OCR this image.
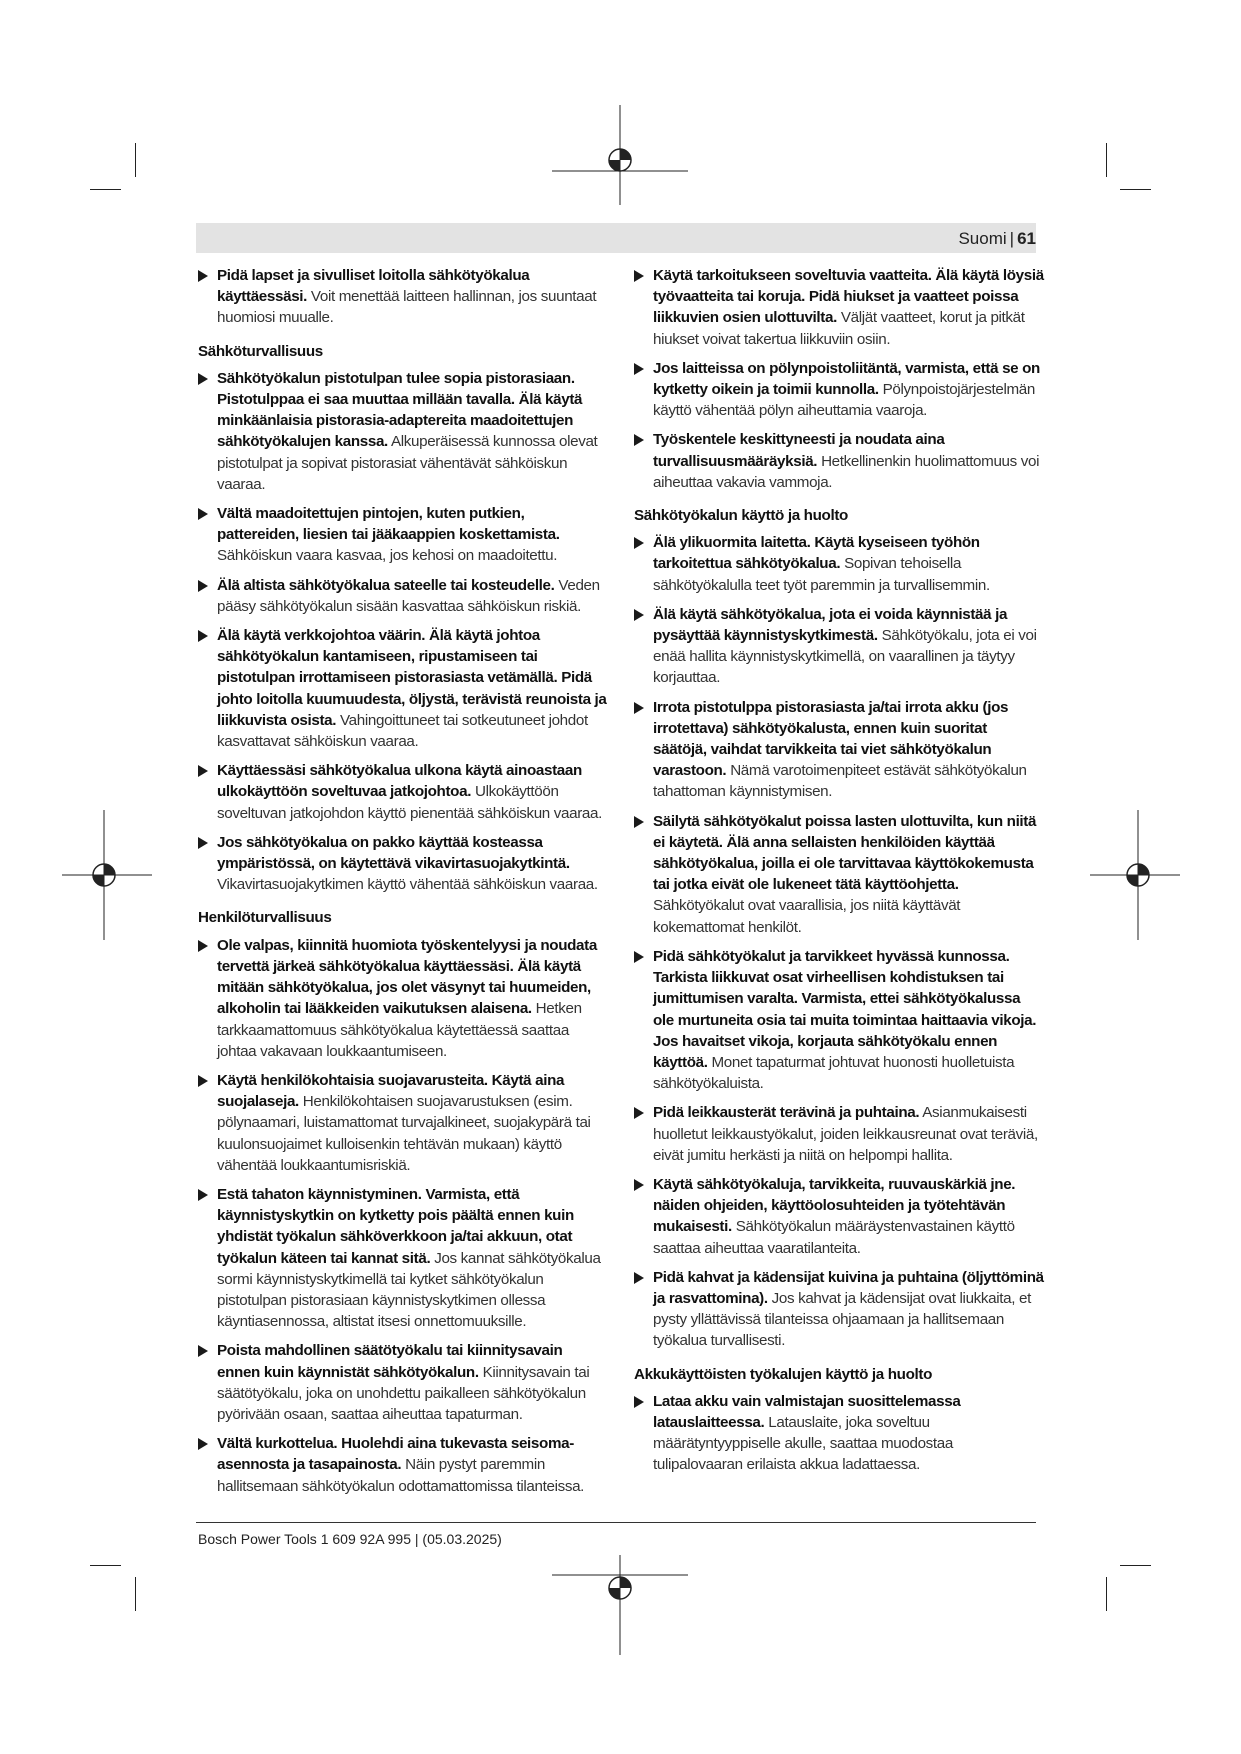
Suomi | 61
Pidä lapset ja sivulliset loitolla sähkötyökalua käyttäessäsi. Voit menettää laitteen hallinnan, jos suuntaat huomiosi muualle.
Sähköturvallisuus
Sähkötyökalun pistotulpan tulee sopia pistorasiaan. Pistotulppaa ei saa muuttaa millään tavalla. Älä käytä minkäänlaisia pistorasia-adaptereita maadoitettujen sähkötyökalujen kanssa. Alkuperäisessä kunnossa olevat pistotulpat ja sopivat pistorasiat vähentävät sähköiskun vaaraa.
Vältä maadoitettujen pintojen, kuten putkien, pattereiden, liesien tai jääkaappien koskettamista. Sähköiskun vaara kasvaa, jos kehosi on maadoitettu.
Älä altista sähkötyökalua sateelle tai kosteudelle. Veden pääsy sähkötyökalun sisään kasvattaa sähköiskun riskiä.
Älä käytä verkkojohtoa väärin. Älä käytä johtoa sähkötyökalun kantamiseen, ripustamiseen tai pistotulpan irrottamiseen pistorasiasta vetämällä. Pidä johto loitolla kuumuudesta, öljystä, terävistä reunoista ja liikkuvista osista. Vahingoittuneet tai sotkeutuneet johdot kasvattavat sähköiskun vaaraa.
Käyttäessäsi sähkötyökalua ulkona käytä ainoastaan ulkokäyttöön soveltuvaa jatkojohtoa. Ulkokäyttöön soveltuvan jatkojohdon käyttö pienentää sähköiskun vaaraa.
Jos sähkötyökalua on pakko käyttää kosteassa ympäristössä, on käytettävä vikavirtasuojakytkintä. Vikavirtasuojakytkimen käyttö vähentää sähköiskun vaaraa.
Henkilöturvallisuus
Ole valpas, kiinnitä huomiota työskentelyysi ja noudata tervettä järkeä sähkötyökalua käyttäessäsi. Älä käytä mitään sähkötyökalua, jos olet väsynyt tai huumeiden, alkoholin tai lääkkeiden vaikutuksen alaisena. Hetken tarkkaamattomuus sähkötyökalua käytettäessä saattaa johtaa vakavaan loukkaantumiseen.
Käytä henkilökohtaisia suojavarusteita. Käytä aina suojalaseja. Henkilökohtaisen suojavarustuksen (esim. pölynaamari, luistamattomat turvajalkineet, suojakypärä tai kuulonsuojaimet kulloisenkin tehtävän mukaan) käyttö vähentää loukkaantumisriskiä.
Estä tahaton käynnistyminen. Varmista, että käynnistyskytkin on kytketty pois päältä ennen kuin yhdistät työkalun sähköverkkoon ja/tai akkuun, otat työkalun käteen tai kannat sitä. Jos kannat sähkötyökalua sormi käynnistyskytkimellä tai kytket sähkötyökalun pistotulpan pistorasiaan käynnistyskytkimen ollessa käyntiasennossa, altistat itsesi onnettomuuksille.
Poista mahdollinen säätötyökalu tai kiinnitysavain ennen kuin käynnistät sähkötyökalun. Kiinnitysavain tai säätötyökalu, joka on unohdettu paikalleen sähkötyökalun pyörivään osaan, saattaa aiheuttaa tapaturman.
Vältä kurkottelua. Huolehdi aina tukevasta seisoma-asennosta ja tasapainosta. Näin pystyt paremmin hallitsemaan sähkötyökalun odottamattomissa tilanteissa.
Käytä tarkoitukseen soveltuvia vaatteita. Älä käytä löysiä työvaatteita tai koruja. Pidä hiukset ja vaatteet poissa liikkuvien osien ulottuvilta. Väljät vaatteet, korut ja pitkät hiukset voivat takertua liikkuviin osiin.
Jos laitteissa on pölynpoistoliitäntä, varmista, että se on kytketty oikein ja toimii kunnolla. Pölynpoistojärjestelmän käyttö vähentää pölyn aiheuttamia vaaroja.
Työskentele keskittyneesti ja noudata aina turvallisuusmääräyksiä. Hetkellinenkin huolimattomuus voi aiheuttaa vakavia vammoja.
Sähkötyökalun käyttö ja huolto
Älä ylikuormita laitetta. Käytä kyseiseen työhön tarkoitettua sähkötyökalua. Sopivan tehoisella sähkötyökalulla teet työt paremmin ja turvallisemmin.
Älä käytä sähkötyökalua, jota ei voida käynnistää ja pysäyttää käynnistyskytkimestä. Sähkötyökalu, jota ei voi enää hallita käynnistyskytkimellä, on vaarallinen ja täytyy korjauttaa.
Irrota pistotulppa pistorasiasta ja/tai irrota akku (jos irrotettava) sähkötyökalusta, ennen kuin suoritat säätöjä, vaihdat tarvikkeita tai viet sähkötyökalun varastoon. Nämä varotoimenpiteet estävät sähkötyökalun tahattoman käynnistymisen.
Säilytä sähkötyökalut poissa lasten ulottuvilta, kun niitä ei käytetä. Älä anna sellaisten henkilöiden käyttää sähkötyökalua, joilla ei ole tarvittavaa käyttökokemusta tai jotka eivät ole lukeneet tätä käyttöohjetta. Sähkötyökalut ovat vaarallisia, jos niitä käyttävät kokemattomat henkilöt.
Pidä sähkötyökalut ja tarvikkeet hyvässä kunnossa. Tarkista liikkuvat osat virheellisen kohdistuksen tai jumittumisen varalta. Varmista, ettei sähkötyökalussa ole murtuneita osia tai muita toimintaa haittaavia vikoja. Jos havaitset vikoja, korjauta sähkötyökalu ennen käyttöä. Monet tapaturmat johtuvat huonosti huolletuista sähkötyökaluista.
Pidä leikkausterät terävinä ja puhtaina. Asianmukaisesti huolletut leikkaustyökalut, joiden leikkausreunat ovat teräviä, eivät jumitu herkästi ja niitä on helpompi hallita.
Käytä sähkötyökaluja, tarvikkeita, ruuvauskärkiä jne. näiden ohjeiden, käyttöolosuhteiden ja työtehtävän mukaisesti. Sähkötyökalun määräystenvastainen käyttö saattaa aiheuttaa vaaratilanteita.
Pidä kahvat ja kädensijat kuivina ja puhtaina (öljyttöminä ja rasvattomina). Jos kahvat ja kädensijat ovat liukkaita, et pysty yllättävissä tilanteissa ohjaamaan ja hallitsemaan työkalua turvallisesti.
Akkukäyttöisten työkalujen käyttö ja huolto
Lataa akku vain valmistajan suosittelemassa latauslaitteessa. Latauslaite, joka soveltuu määrätyntyyppiselle akulle, saattaa muodostaa tulipalovaaran erilaista akkua ladattaessa.
Bosch Power Tools 1 609 92A 995 | (05.03.2025)
